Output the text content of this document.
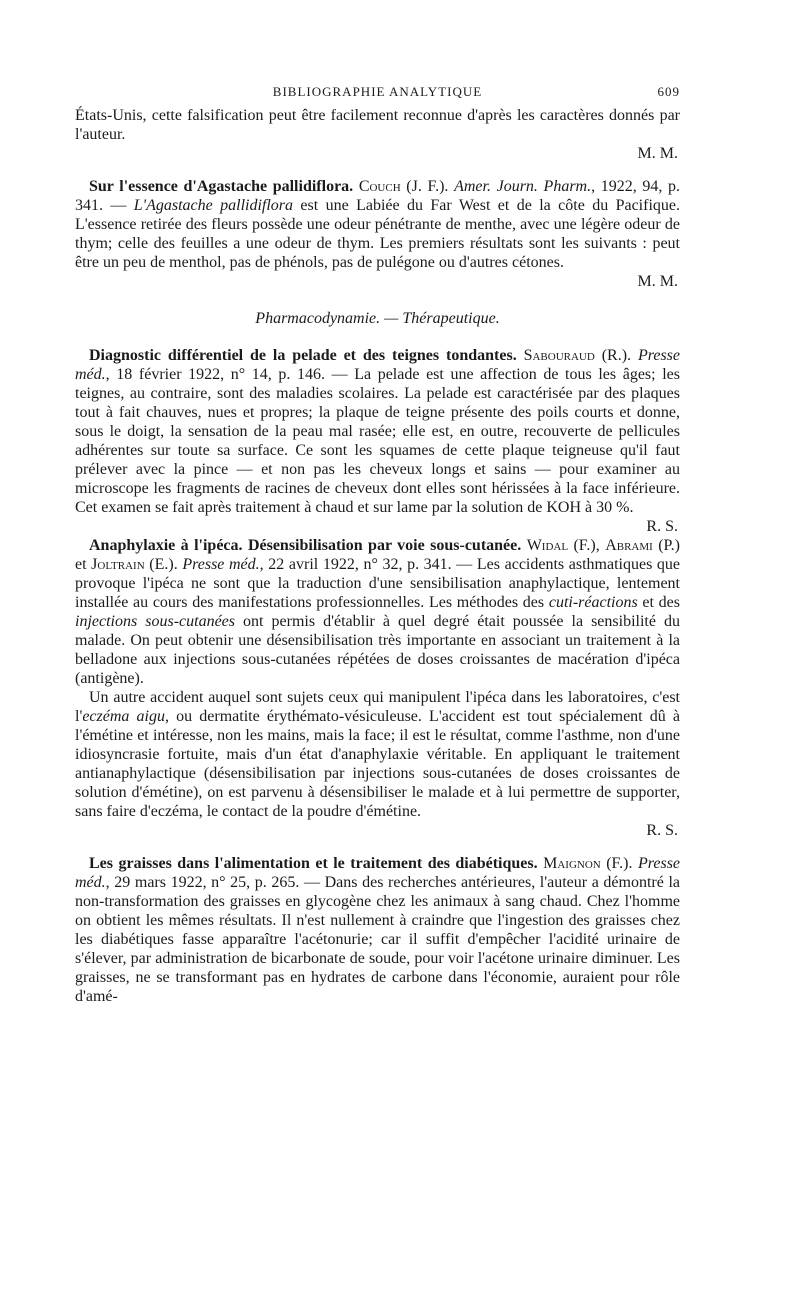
BIBLIOGRAPHIE ANALYTIQUE	609

États-Unis, cette falsification peut être facilement reconnue d'après les caractères donnés par l'auteur.
M. M.

Sur l'essence d'Agastache pallidiflora. Couch (J. F.). Amer. Journ. Pharm., 1922, 94, p. 341. — L'Agastache pallidiflora est une Labiée du Far West et de la côte du Pacifique. L'essence retirée des fleurs possède une odeur pénétrante de menthe, avec une légère odeur de thym; celle des feuilles a une odeur de thym. Les premiers résultats sont les suivants : peut être un peu de menthol, pas de phénols, pas de pulégone ou d'autres cétones.
M. M.

Pharmacodynamie. — Thérapeutique.

Diagnostic différentiel de la pelade et des teignes tondantes. Sabouraud (R.). Presse méd., 18 février 1922, n° 14, p. 146. — La pelade est une affection de tous les âges; les teignes, au contraire, sont des maladies scolaires. La pelade est caractérisée par des plaques tout à fait chauves, nues et propres; la plaque de teigne présente des poils courts et donne, sous le doigt, la sensation de la peau mal rasée; elle est, en outre, recouverte de pellicules adhérentes sur toute sa surface. Ce sont les squames de cette plaque teigneuse qu'il faut prélever avec la pince — et non pas les cheveux longs et sains — pour examiner au microscope les fragments de racines de cheveux dont elles sont hérissées à la face inférieure. Cet examen se fait après traitement à chaud et sur lame par la solution de KOH à 30 %.
R. S.

Anaphylaxie à l'ipéca. Désensibilisation par voie sous-cutanée. Widal (F.), Abrami (P.) et Joltrain (E.). Presse méd., 22 avril 1922, n° 32, p. 341. — Les accidents asthmatiques que provoque l'ipéca ne sont que la traduction d'une sensibilisation anaphylactique, lentement installée au cours des manifestations professionnelles. Les méthodes des cuti-réactions et des injections sous-cutanées ont permis d'établir à quel degré était poussée la sensibilité du malade. On peut obtenir une désensibilisation très importante en associant un traitement à la belladone aux injections sous-cutanées répétées de doses croissantes de macération d'ipéca (antigène).

Un autre accident auquel sont sujets ceux qui manipulent l'ipéca dans les laboratoires, c'est l'eczéma aigu, ou dermatite érythémato-vésiculeuse. L'accident est tout spécialement dû à l'émétine et intéresse, non les mains, mais la face; il est le résultat, comme l'asthme, non d'une idiosyncrasie fortuite, mais d'un état d'anaphylaxie véritable. En appliquant le traitement antianaphylactique (désensibilisation par injections sous-cutanées de doses croissantes de solution d'émétine), on est parvenu à désensibiliser le malade et à lui permettre de supporter, sans faire d'eczéma, le contact de la poudre d'émétine.
R. S.

Les graisses dans l'alimentation et le traitement des diabétiques. Maignon (F.). Presse méd., 29 mars 1922, n° 25, p. 265. — Dans des recherches antérieures, l'auteur a démontré la non-transformation des graisses en glycogène chez les animaux à sang chaud. Chez l'homme on obtient les mêmes résultats. Il n'est nullement à craindre que l'ingestion des graisses chez les diabétiques fasse apparaître l'acétonurie; car il suffit d'empêcher l'acidité urinaire de s'élever, par administration de bicarbonate de soude, pour voir l'acétone urinaire diminuer. Les graisses, ne se transformant pas en hydrates de carbone dans l'économie, auraient pour rôle d'amé-
